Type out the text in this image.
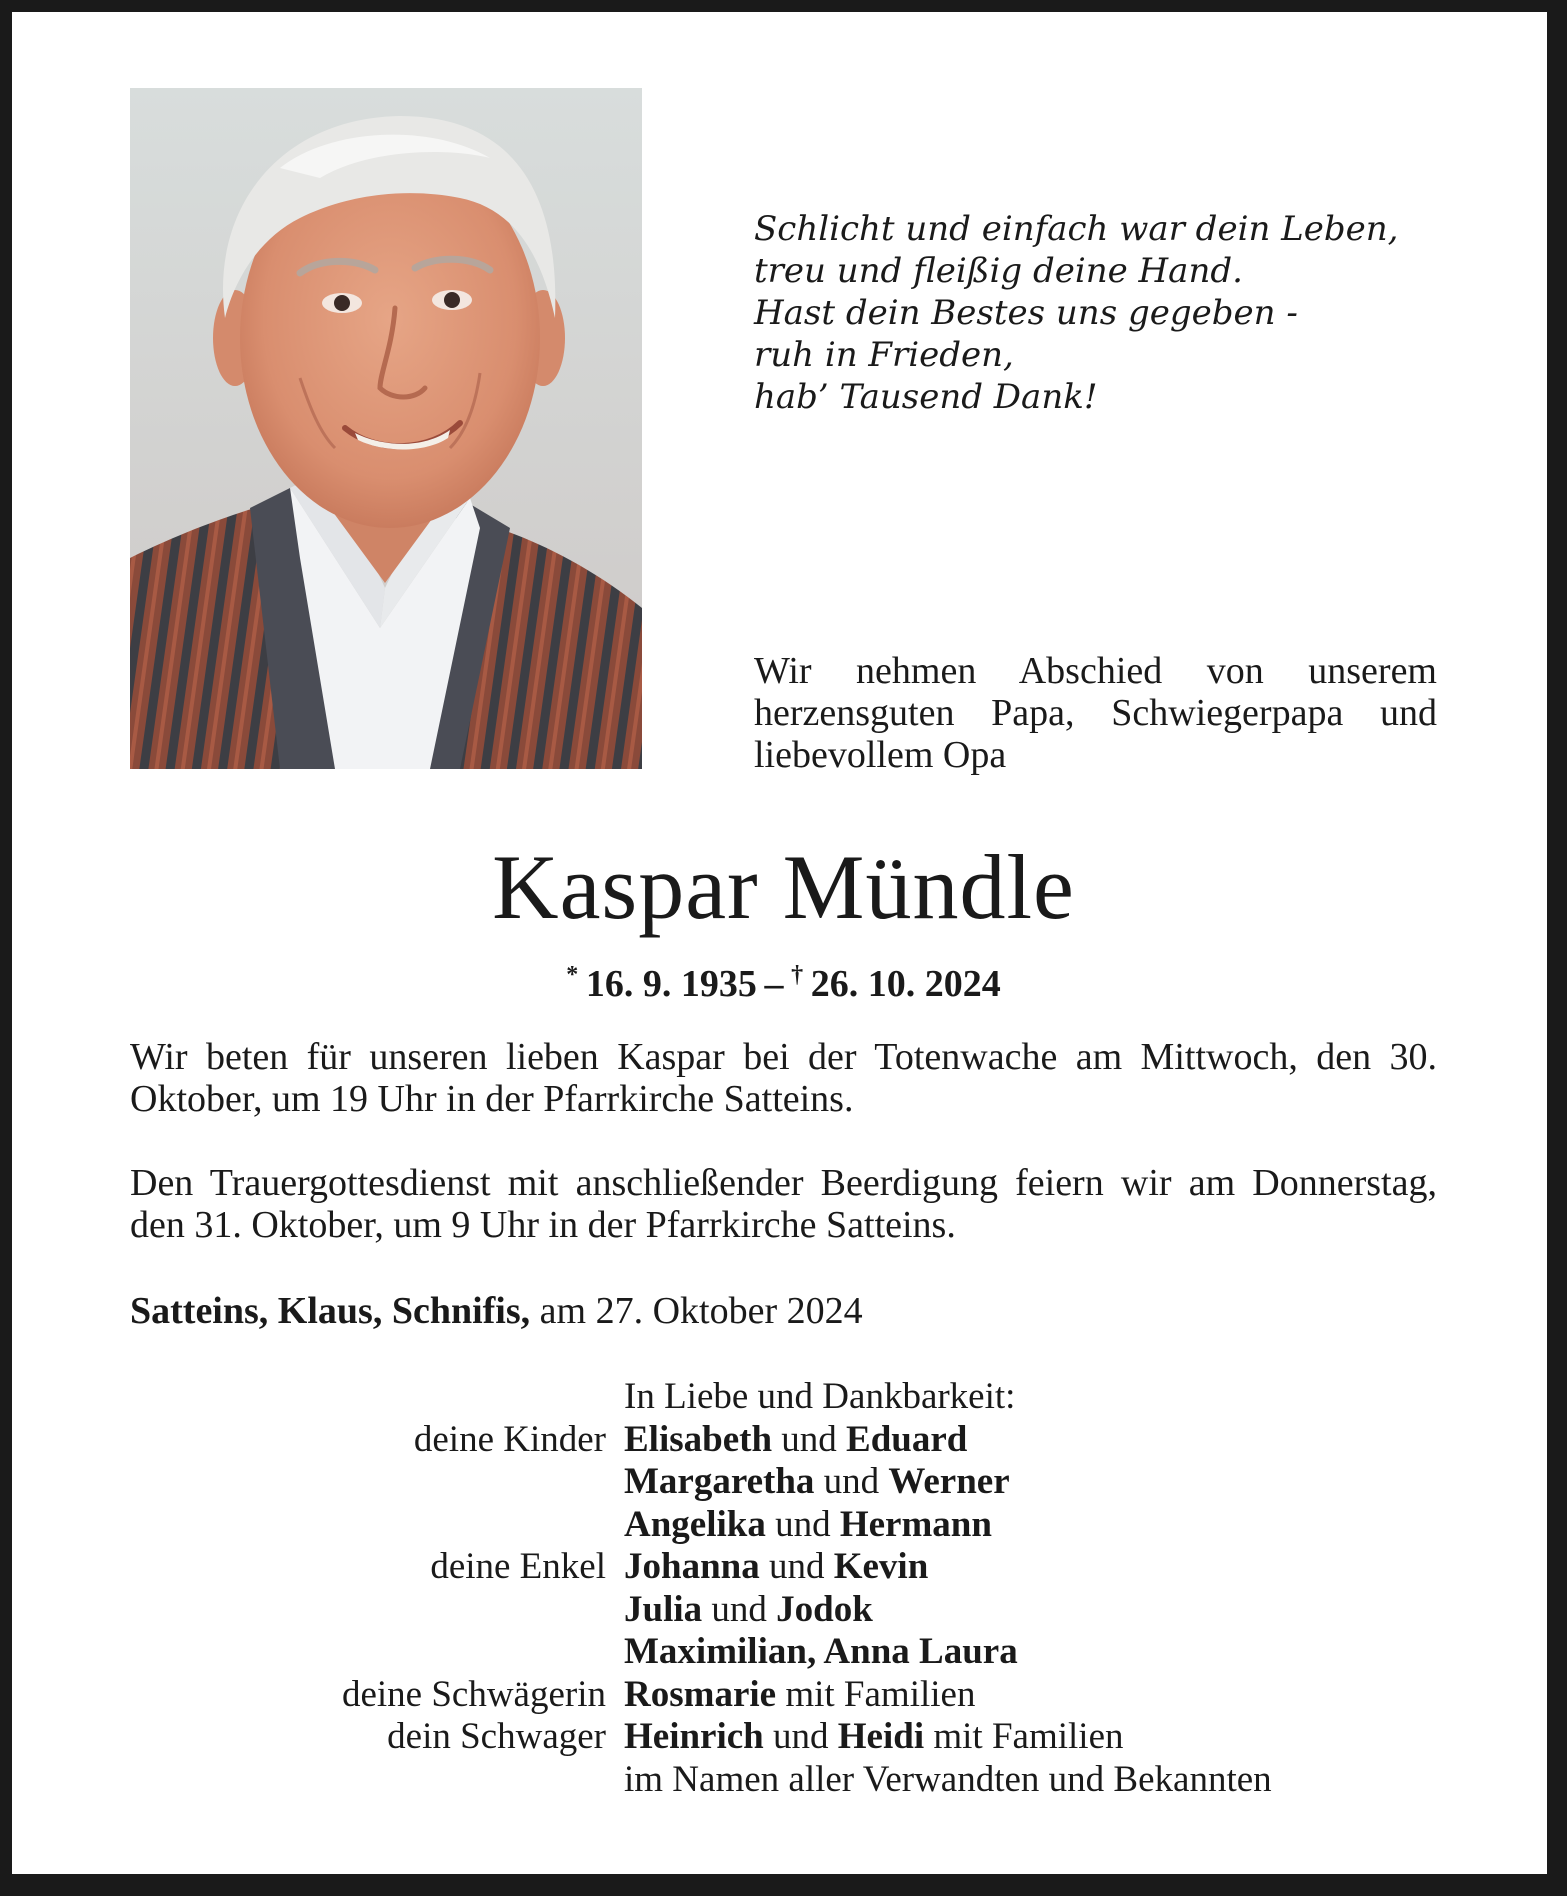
Schlicht und einfach war dein Leben,
treu und fleißig deine Hand.
Hast dein Bestes uns gegeben -
ruh in Frieden,
hab’ Tausend Dank!
Wir nehmen Abschied von unserem herzensguten Papa, Schwiegerpapa und liebevollem Opa
Kaspar Mündle
*  16. 9. 1935  –  †  26. 10. 2024
Wir beten für unseren lieben Kaspar bei der Totenwache am Mittwoch, den 30. Oktober, um 19 Uhr in der Pfarrkirche Satteins.
Den Trauergottesdienst mit anschließender Beerdigung feiern wir am Donnerstag, den 31. Oktober, um 9 Uhr in der Pfarrkirche Satteins.
Satteins, Klaus, Schnifis, am 27. Oktober 2024
In Liebe und Dankbarkeit:
deine Kinder Elisabeth und Eduard
Margaretha und Werner
Angelika und Hermann
deine Enkel Johanna und Kevin
Julia und Jodok
Maximilian, Anna Laura
deine Schwägerin Rosmarie mit Familien
dein Schwager Heinrich und Heidi mit Familien
im Namen aller Verwandten und Bekannten
